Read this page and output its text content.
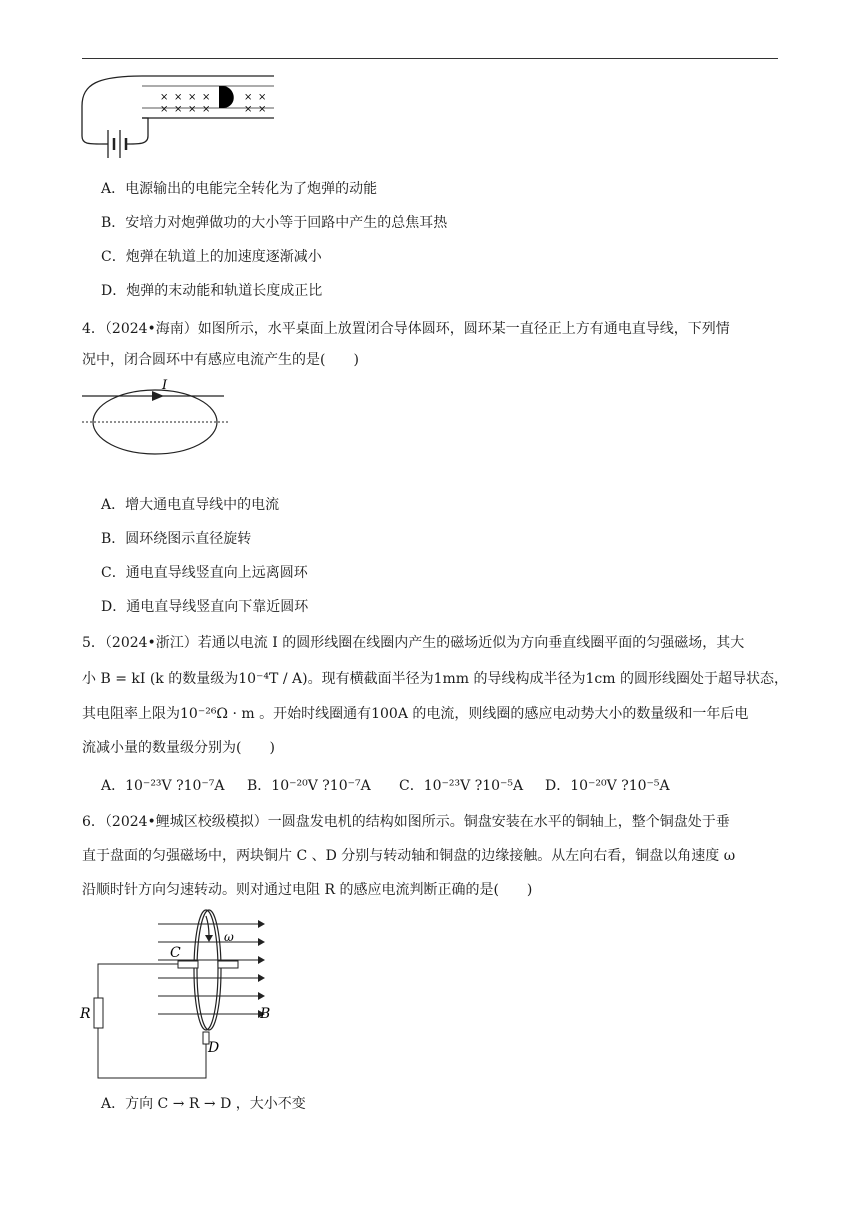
× × × ×	× ×
× × × ×	× ×
A．电源输出的电能完全转化为了炮弹的动能
B．安培力对炮弹做功的大小等于回路中产生的总焦耳热
C．炮弹在轨道上的加速度逐渐减小
D．炮弹的末动能和轨道长度成正比
4．（2024•海南）如图所示，水平桌面上放置闭合导体圆环，圆环某一直径正上方有通电直导线，下列情
况中，闭合圆环中有感应电流产生的是(　　)
I
A．增大通电直导线中的电流
B．圆环绕图示直径旋转
C．通电直导线竖直向上远离圆环
D．通电直导线竖直向下靠近圆环
5．（2024•浙江）若通以电流 I 的圆形线圈在线圈内产生的磁场近似为方向垂直线圈平面的匀强磁场，其大
小 B = kI (k 的数量级为10⁻⁴T / A)。现有横截面半径为1mm 的导线构成半径为1cm 的圆形线圈处于超导状态，
其电阻率上限为10⁻²⁶Ω · m 。开始时线圈通有100A 的电流，则线圈的感应电动势大小的数量级和一年后电
流减小量的数量级分别为(　　)
A．10⁻²³V ?10⁻⁷A B．10⁻²⁰V ?10⁻⁷A C．10⁻²³V ?10⁻⁵A D．10⁻²⁰V ?10⁻⁵A
6．（2024•鲤城区校级模拟）一圆盘发电机的结构如图所示。铜盘安装在水平的铜轴上，整个铜盘处于垂
直于盘面的匀强磁场中，两块铜片 C 、D 分别与转动轴和铜盘的边缘接触。从左向右看，铜盘以角速度 ω
沿顺时针方向匀速转动。则对通过电阻 R 的感应电流判断正确的是(　　)
B
ω
C
R
D
A．方向 C → R → D ，大小不变
